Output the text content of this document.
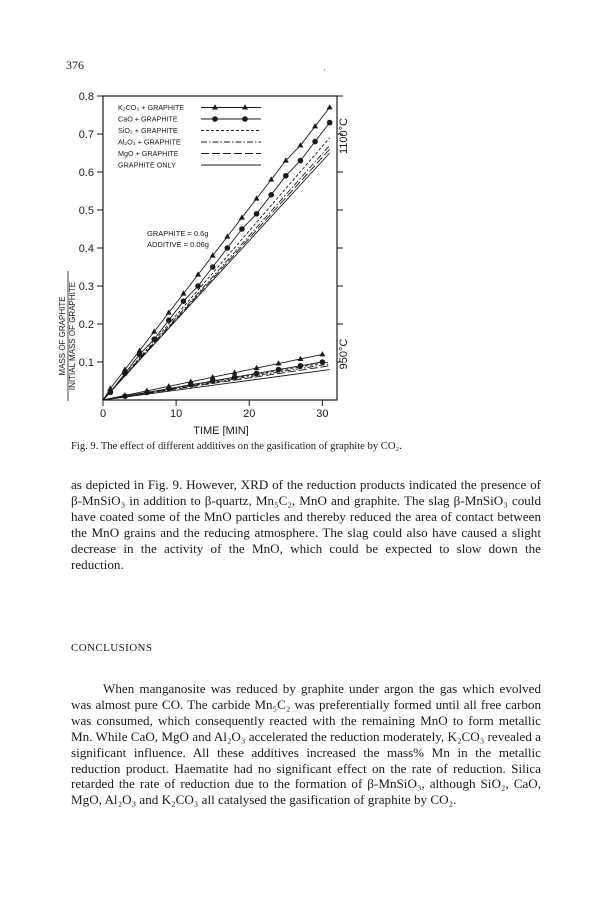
376	·
0.1
0.2
0.3
0.4
0.5
0.6
0.7
0.8
0	10	20	30
K₂CO₃ + GRAPHITE
CaO + GRAPHITE
SiO₂ + GRAPHITE
Al₂O₃ + GRAPHITE
MgO + GRAPHITE
GRAPHITE ONLY
MASS OF GRAPHITE INITIAL MASS OF GRAPHITE
GRAPHITE = 0.6g
ADDITIVE = 0.06g
1100°C
950°C
TIME [MIN]
Fig. 9. The effect of different additives on the gasification of graphite by CO₂.

as depicted in Fig. 9. However, XRD of the reduction products indicated the presence of β-MnSiO₃ in addition to β-quartz, Mn₅C₂, MnO and graphite. The slag β-MnSiO₃ could have coated some of the MnO particles and thereby reduced the area of contact between the MnO grains and the reducing atmosphere. The slag could also have caused a slight decrease in the activity of the MnO, which could be expected to slow down the reduction.

CONCLUSIONS

When manganosite was reduced by graphite under argon the gas which evolved was almost pure CO. The carbide Mn₅C₂ was preferentially formed until all free carbon was consumed, which consequently reacted with the remaining MnO to form metallic Mn. While CaO, MgO and Al₂O₃ accelerated the reduction moderately, K₂CO₃ revealed a significant influence. All these additives increased the mass% Mn in the metallic reduction product. Haematite had no significant effect on the rate of reduction. Silica retarded the rate of reduction due to the formation of β-MnSiO₃, although SiO₂, CaO, MgO, Al₂O₃ and K₂CO₃ all catalysed the gasification of graphite by CO₂.
